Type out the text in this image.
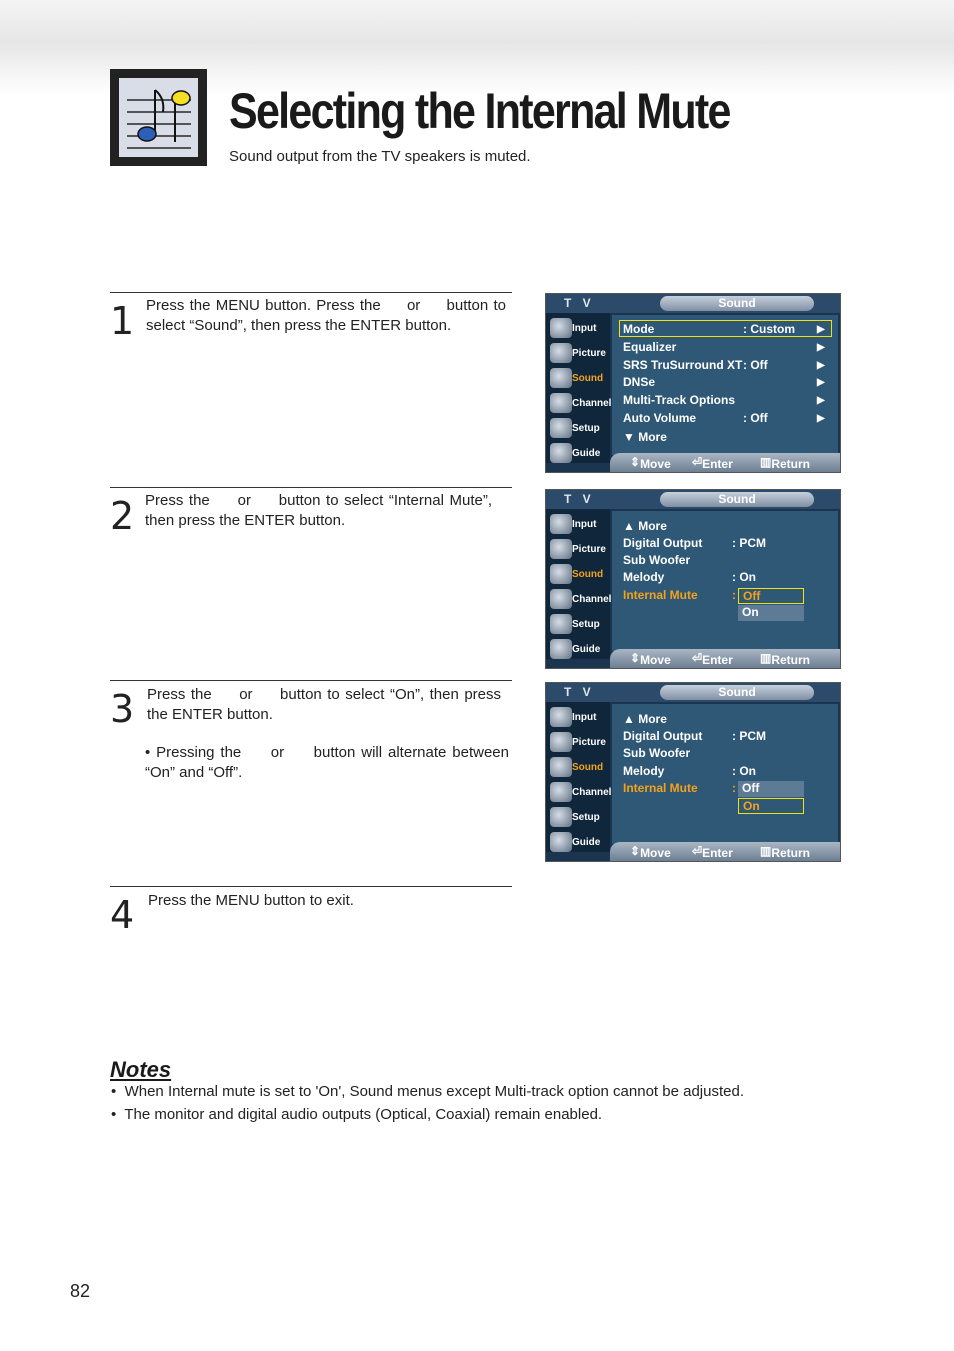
Selecting the Internal Mute
Sound output from the TV speakers is muted.
1 Press the MENU button. Press the     or     button to select “Sound”, then press the ENTER button.
2 Press the     or     button to select “Internal Mute”, then press the ENTER button.
3 Press the     or     button to select “On”, then press the ENTER button.
• Pressing the     or     button will alternate between “On” and “Off”.
4 Press the MENU button to exit.
T V	Sound
Input
Picture
Sound
Channel
Setup
Guide
Mode	: Custom ▶
Equalizer	▶
SRS TruSurround XT : Off	▶
DNSe	▶
Multi-Track Options	▶
Auto Volume	: Off	▶
▼ More
⇕ Move ⏎ Enter ▥ Return
T V	Sound
Input
Picture
Sound
Channel
Setup
Guide
▲ More
Digital Output : PCM
Sub Woofer
Melody	: On
Internal Mute	: Off
On
⇕ Move ⏎ Enter ▥ Return
T V	Sound
Input
Picture
Sound
Channel
Setup
Guide
▲ More
Digital Output : PCM
Sub Woofer
Melody	: On
Internal Mute	: Off
On
⇕ Move ⏎ Enter ▥ Return
Notes
•  When Internal mute is set to 'On', Sound menus except Multi-track option cannot be adjusted.
•  The monitor and digital audio outputs (Optical, Coaxial) remain enabled.
82
